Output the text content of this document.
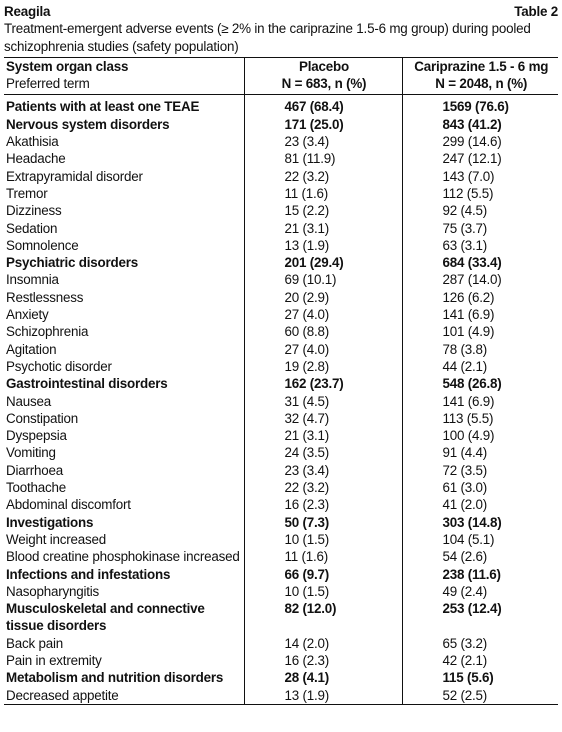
Reagila	Table 2

Treatment-emergent adverse events (≥ 2% in the cariprazine 1.5-6 mg group) during pooled schizophrenia studies (safety population)

System organ class	Placebo	Cariprazine 1.5 - 6 mg
Preferred term	N = 683, n (%)	N = 2048, n (%)
Patients with at least one TEAE	467 (68.4)	1569 (76.6)
Nervous system disorders	171 (25.0)	843 (41.2)
Akathisia	23 (3.4)	299 (14.6)
Headache	81 (11.9)	247 (12.1)
Extrapyramidal disorder	22 (3.2)	143 (7.0)
Tremor	11 (1.6)	112 (5.5)
Dizziness	15 (2.2)	92 (4.5)
Sedation	21 (3.1)	75 (3.7)
Somnolence	13 (1.9)	63 (3.1)
Psychiatric disorders	201 (29.4)	684 (33.4)
Insomnia	69 (10.1)	287 (14.0)
Restlessness	20 (2.9)	126 (6.2)
Anxiety	27 (4.0)	141 (6.9)
Schizophrenia	60 (8.8)	101 (4.9)
Agitation	27 (4.0)	78 (3.8)
Psychotic disorder	19 (2.8)	44 (2.1)
Gastrointestinal disorders	162 (23.7)	548 (26.8)
Nausea	31 (4.5)	141 (6.9)
Constipation	32 (4.7)	113 (5.5)
Dyspepsia	21 (3.1)	100 (4.9)
Vomiting	24 (3.5)	91 (4.4)
Diarrhoea	23 (3.4)	72 (3.5)
Toothache	22 (3.2)	61 (3.0)
Abdominal discomfort	16 (2.3)	41 (2.0)
Investigations	50 (7.3)	303 (14.8)
Weight increased	10 (1.5)	104 (5.1)
Blood creatine phosphokinase increased	11 (1.6)	54 (2.6)
Infections and infestations	66 (9.7)	238 (11.6)
Nasopharyngitis	10 (1.5)	49 (2.4)
Musculoskeletal and connective tissue disorders	82 (12.0)	253 (12.4)
Back pain	14 (2.0)	65 (3.2)
Pain in extremity	16 (2.3)	42 (2.1)
Metabolism and nutrition disorders	28 (4.1)	115 (5.6)
Decreased appetite	13 (1.9)	52 (2.5)
